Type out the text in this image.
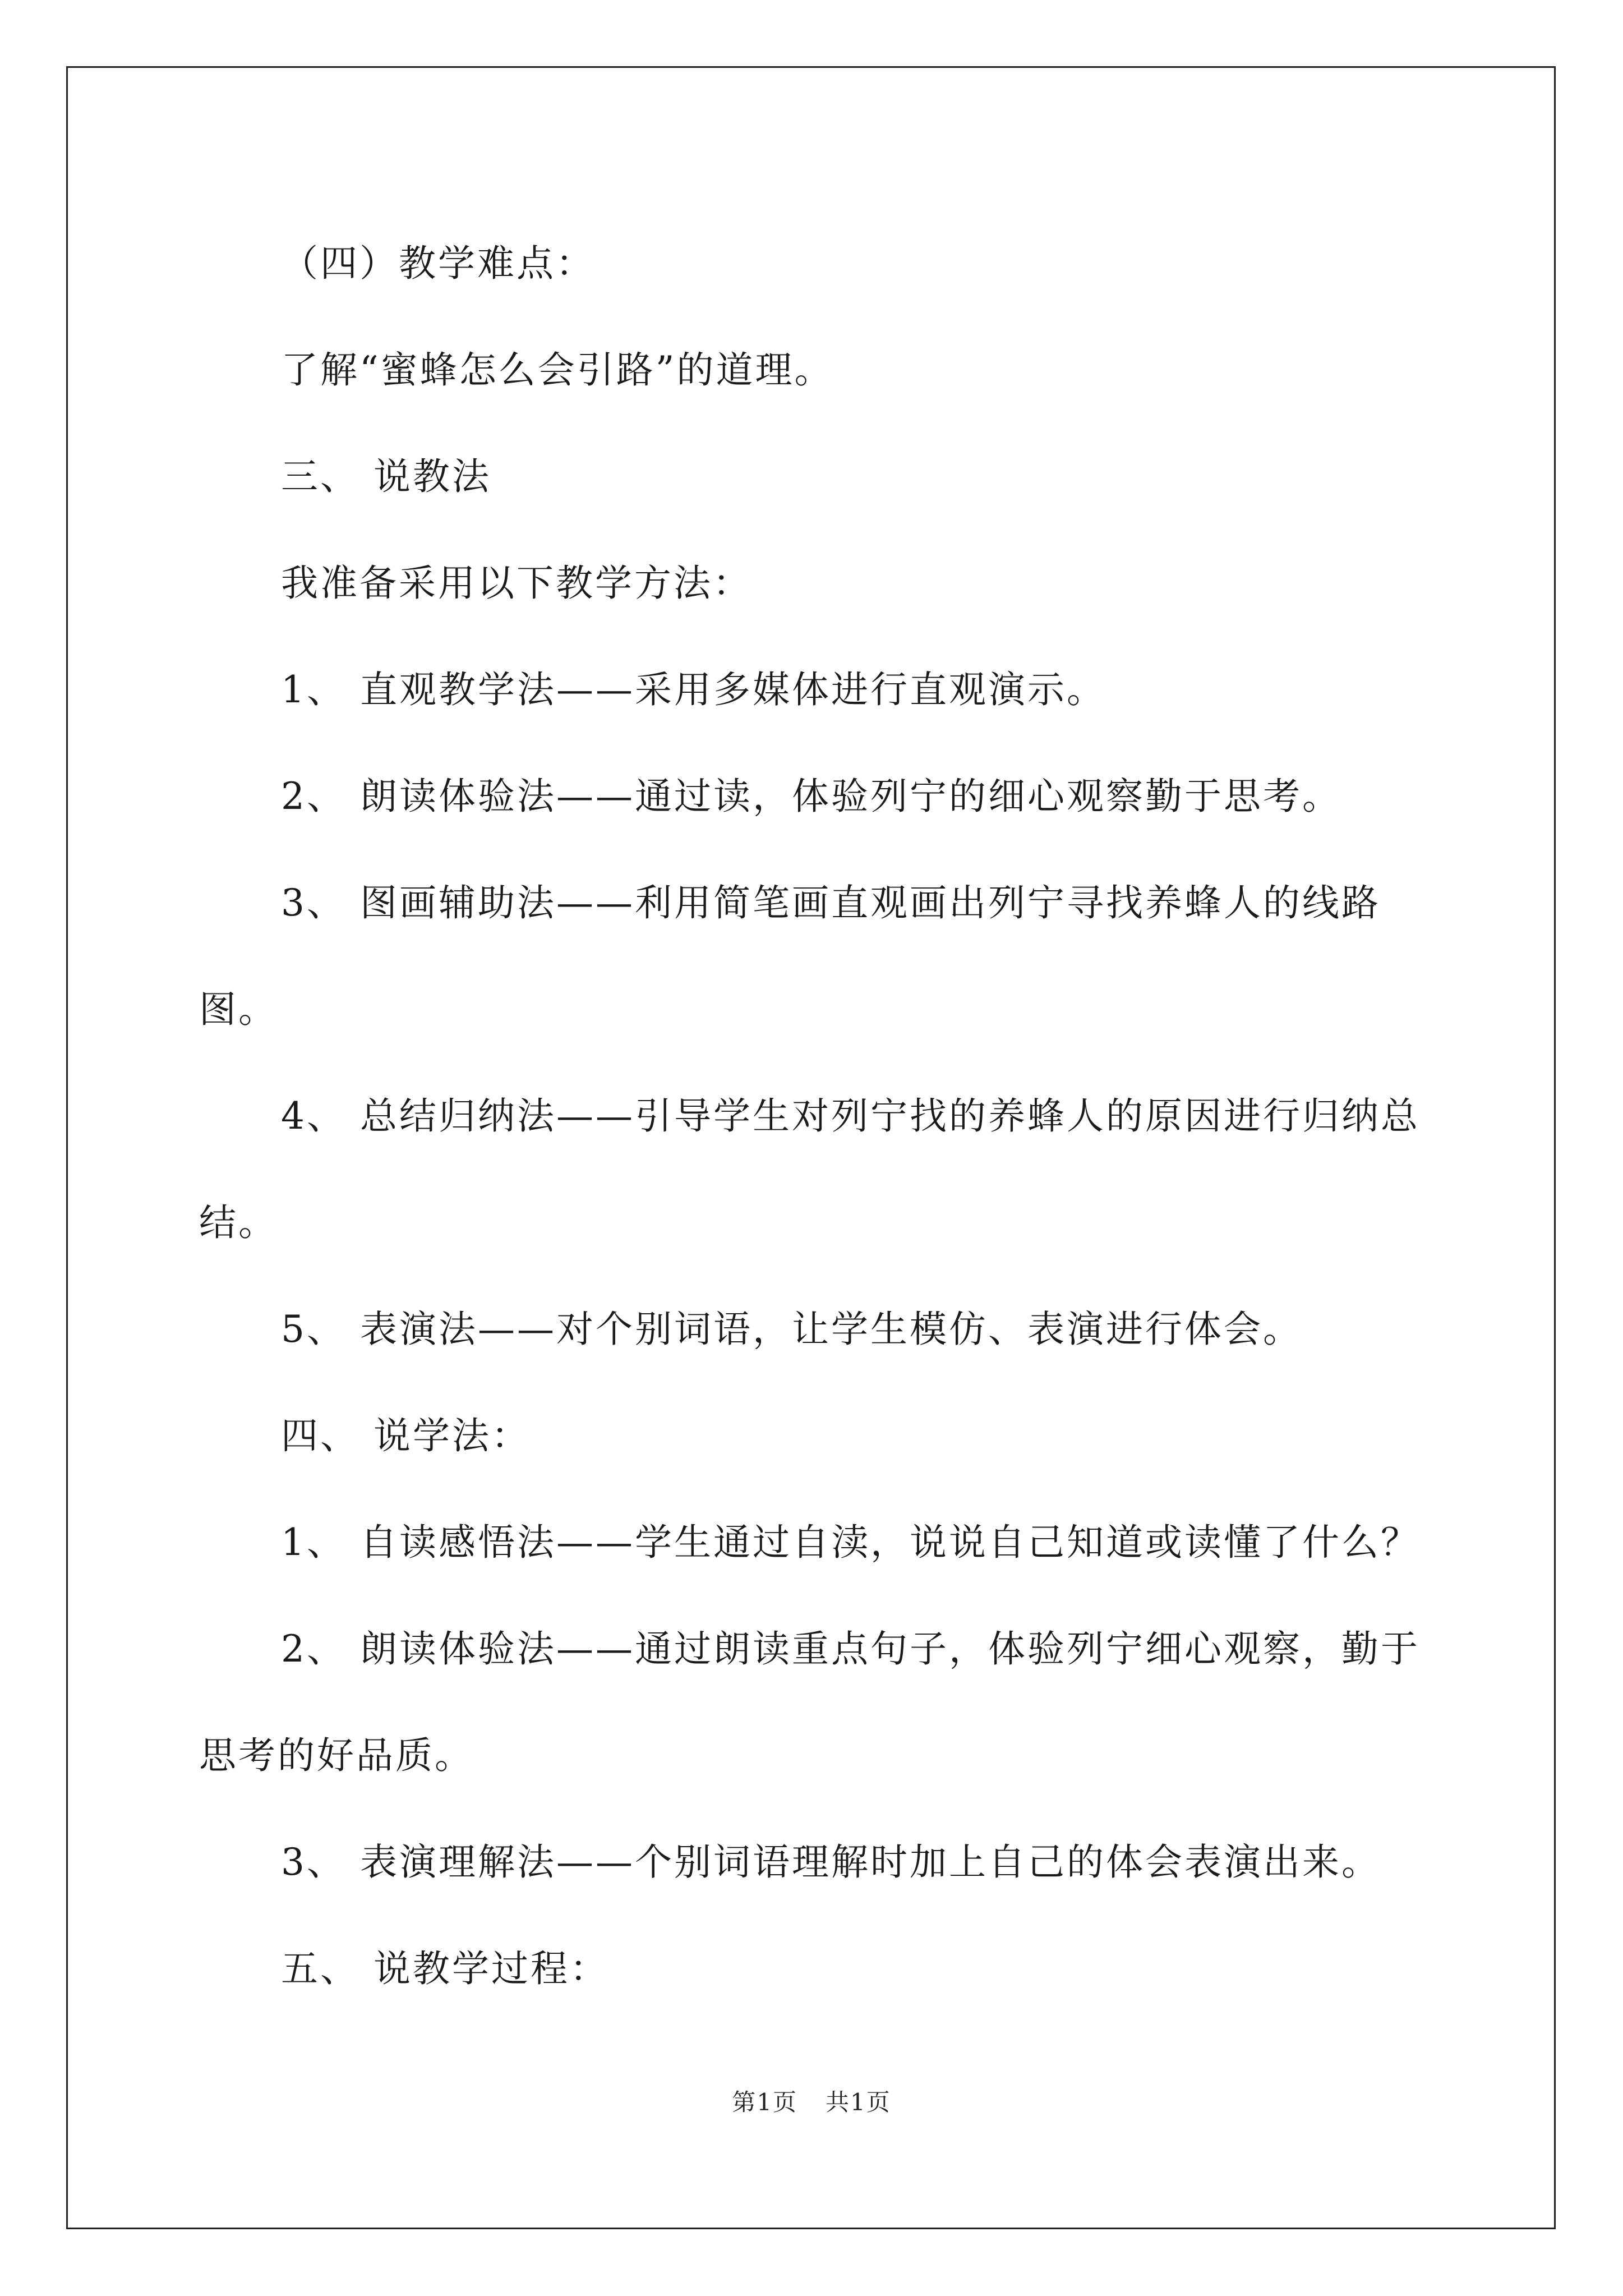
（四）教学难点：

了解“蜜蜂怎么会引路”的道理。

三、 说教法

我准备采用以下教学方法：

1、 直观教学法——采用多媒体进行直观演示。

2、 朗读体验法——通过读，体验列宁的细心观察勤于思考。

3、 图画辅助法——利用简笔画直观画出列宁寻找养蜂人的线路图。

4、 总结归纳法——引导学生对列宁找的养蜂人的原因进行归纳总结。

5、 表演法——对个别词语，让学生模仿、表演进行体会。

四、 说学法：

1、 自读感悟法——学生通过自渎，说说自己知道或读懂了什么？

2、 朗读体验法——通过朗读重点句子，体验列宁细心观察，勤于思考的好品质。

3、 表演理解法——个别词语理解时加上自己的体会表演出来。

五、 说教学过程：

第1页 共1页
